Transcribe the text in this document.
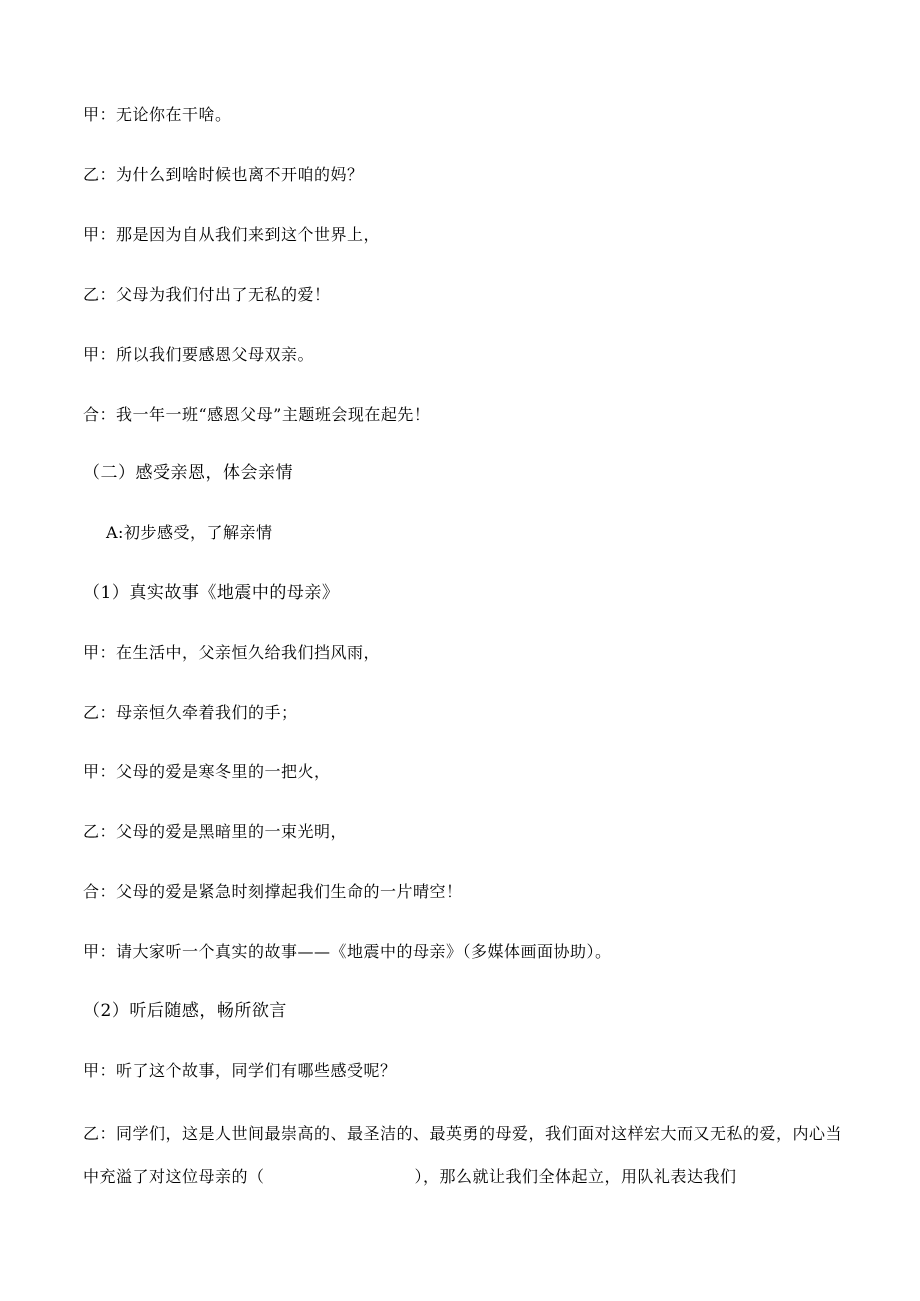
甲：无论你在干啥。
乙：为什么到啥时候也离不开咱的妈？
甲：那是因为自从我们来到这个世界上，
乙：父母为我们付出了无私的爱！
甲：所以我们要感恩父母双亲。
合：我一年一班“感恩父母”主题班会现在起先！
（二）感受亲恩，体会亲情
A:初步感受，了解亲情
（1）真实故事《地震中的母亲》
甲：在生活中，父亲恒久给我们挡风雨，
乙：母亲恒久牵着我们的手；
甲：父母的爱是寒冬里的一把火，
乙：父母的爱是黑暗里的一束光明，
合：父母的爱是紧急时刻撑起我们生命的一片晴空！
甲：请大家听一个真实的故事——《地震中的母亲》（多媒体画面协助）。
（2）听后随感，畅所欲言
甲：听了这个故事，同学们有哪些感受呢？
乙：同学们，这是人世间最崇高的、最圣洁的、最英勇的母爱，我们面对这样宏大而又无私的爱，内心当中充溢了对这位母亲的（	），那么就让我们全体起立，用队礼表达我们
